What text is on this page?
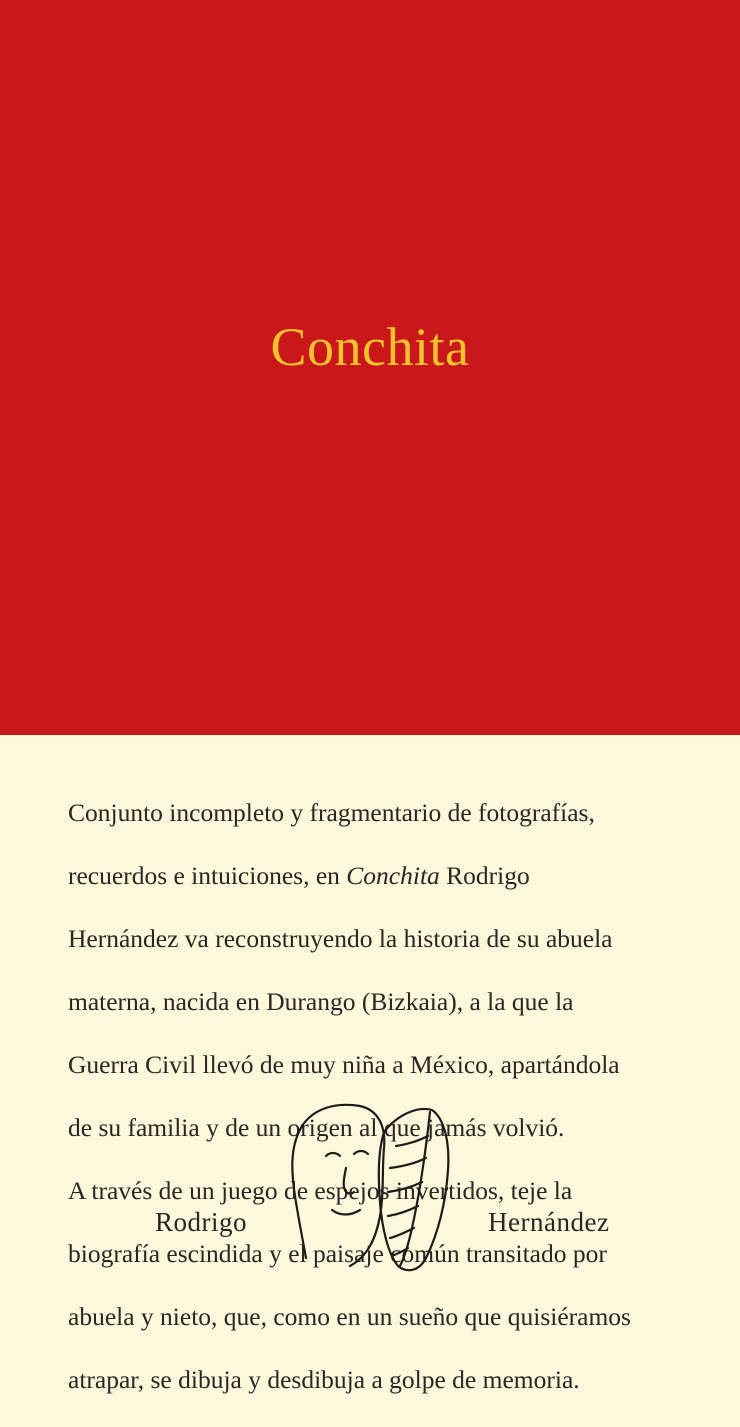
Conchita

Conjunto incompleto y fragmentario de fotografías,

recuerdos e intuiciones, en Conchita Rodrigo

Hernández va reconstruyendo la historia de su abuela

materna, nacida en Durango (Bizkaia), a la que la

Guerra Civil llevó de muy niña a México, apartándola

de su familia y de un origen al que jamás volvió.

A través de un juego de espejos invertidos, teje la

biografía escindida y el paisaje común transitado por

abuela y nieto, que, como en un sueño que quisiéramos

atrapar, se dibuja y desdibuja a golpe de memoria.

Rodrigo	Hernández
